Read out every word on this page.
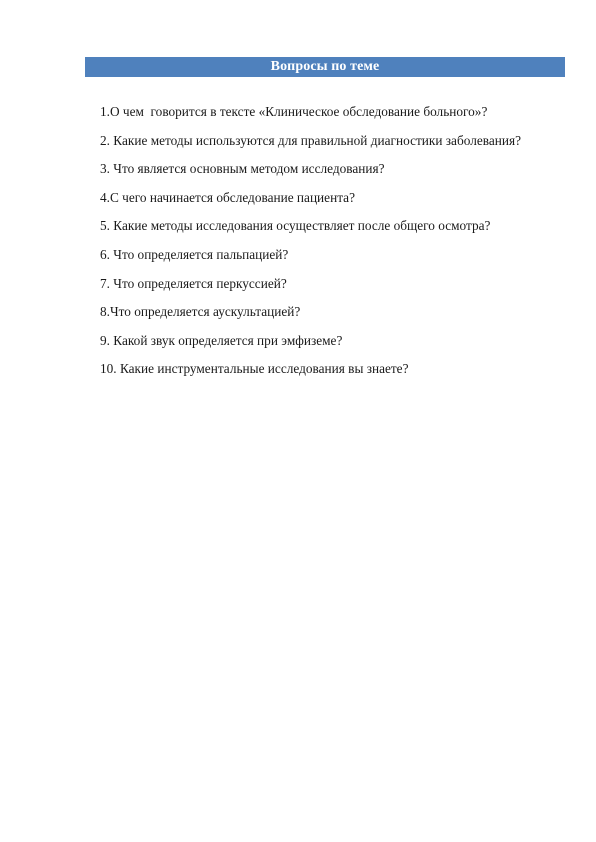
Вопросы по теме
1.О чем  говорится в тексте «Клиническое обследование больного»?
2. Какие методы используются для правильной диагностики заболевания?
3. Что является основным методом исследования?
4.С чего начинается обследование пациента?
5. Какие методы исследования осуществляет после общего осмотра?
6. Что определяется пальпацией?
7. Что определяется перкуссией?
8.Что определяется аускультацией?
9. Какой звук определяется при эмфиземе?
10. Какие инструментальные исследования вы знаете?
